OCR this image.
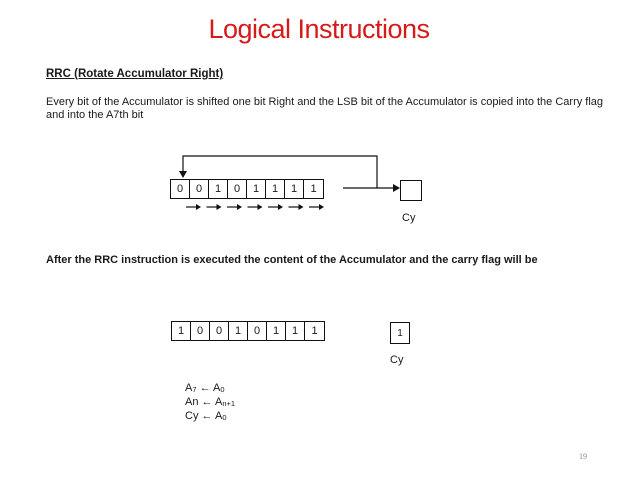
Logical Instructions
RRC (Rotate Accumulator Right)
Every bit of the Accumulator is shifted one bit Right and the LSB bit of the Accumulator is copied into the Carry flag and into the A7th bit
0	0	1	0	1	1	1	1
Cy
After the RRC instruction is executed the content of the Accumulator and the carry flag will be
1	0	0	1	0	1	1	1	1
Cy
$A_7$ ← $A_0$
An ← $A_{n+1}$
Cy ← $A_0$
19
